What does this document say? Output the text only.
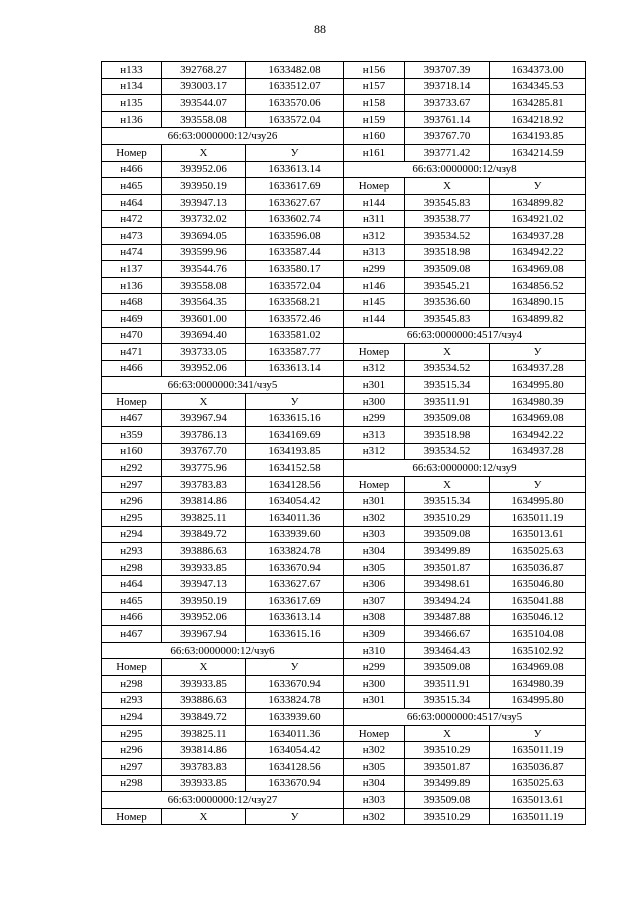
88
н133	392768.27	1633482.08	н156	393707.39	1634373.00
н134	393003.17	1633512.07	н157	393718.14	1634345.53
н135	393544.07	1633570.06	н158	393733.67	1634285.81
н136	393558.08	1633572.04	н159	393761.14	1634218.92
66:63:0000000:12/чзу26			н160	393767.70	1634193.85
Номер	Х	У	н161	393771.42	1634214.59
н466	393952.06	1633613.14	66:63:0000000:12/чзу8		
н465	393950.19	1633617.69	Номер	Х	У
н464	393947.13	1633627.67	н144	393545.83	1634899.82
н472	393732.02	1633602.74	н311	393538.77	1634921.02
н473	393694.05	1633596.08	н312	393534.52	1634937.28
н474	393599.96	1633587.44	н313	393518.98	1634942.22
н137	393544.76	1633580.17	н299	393509.08	1634969.08
н136	393558.08	1633572.04	н146	393545.21	1634856.52
н468	393564.35	1633568.21	н145	393536.60	1634890.15
н469	393601.00	1633572.46	н144	393545.83	1634899.82
н470	393694.40	1633581.02	66:63:0000000:4517/чзу4		
н471	393733.05	1633587.77	Номер	Х	У
н466	393952.06	1633613.14	н312	393534.52	1634937.28
66:63:0000000:341/чзу5			н301	393515.34	1634995.80
Номер	Х	У	н300	393511.91	1634980.39
н467	393967.94	1633615.16	н299	393509.08	1634969.08
н359	393786.13	1634169.69	н313	393518.98	1634942.22
н160	393767.70	1634193.85	н312	393534.52	1634937.28
н292	393775.96	1634152.58	66:63:0000000:12/чзу9		
н297	393783.83	1634128.56	Номер	Х	У
н296	393814.86	1634054.42	н301	393515.34	1634995.80
н295	393825.11	1634011.36	н302	393510.29	1635011.19
н294	393849.72	1633939.60	н303	393509.08	1635013.61
н293	393886.63	1633824.78	н304	393499.89	1635025.63
н298	393933.85	1633670.94	н305	393501.87	1635036.87
н464	393947.13	1633627.67	н306	393498.61	1635046.80
н465	393950.19	1633617.69	н307	393494.24	1635041.88
н466	393952.06	1633613.14	н308	393487.88	1635046.12
н467	393967.94	1633615.16	н309	393466.67	1635104.08
66:63:0000000:12/чзу6			н310	393464.43	1635102.92
Номер	Х	У	н299	393509.08	1634969.08
н298	393933.85	1633670.94	н300	393511.91	1634980.39
н293	393886.63	1633824.78	н301	393515.34	1634995.80
н294	393849.72	1633939.60	66:63:0000000:4517/чзу5		
н295	393825.11	1634011.36	Номер	Х	У
н296	393814.86	1634054.42	н302	393510.29	1635011.19
н297	393783.83	1634128.56	н305	393501.87	1635036.87
н298	393933.85	1633670.94	н304	393499.89	1635025.63
66:63:0000000:12/чзу27			н303	393509.08	1635013.61
Номер	Х	У	н302	393510.29	1635011.19
